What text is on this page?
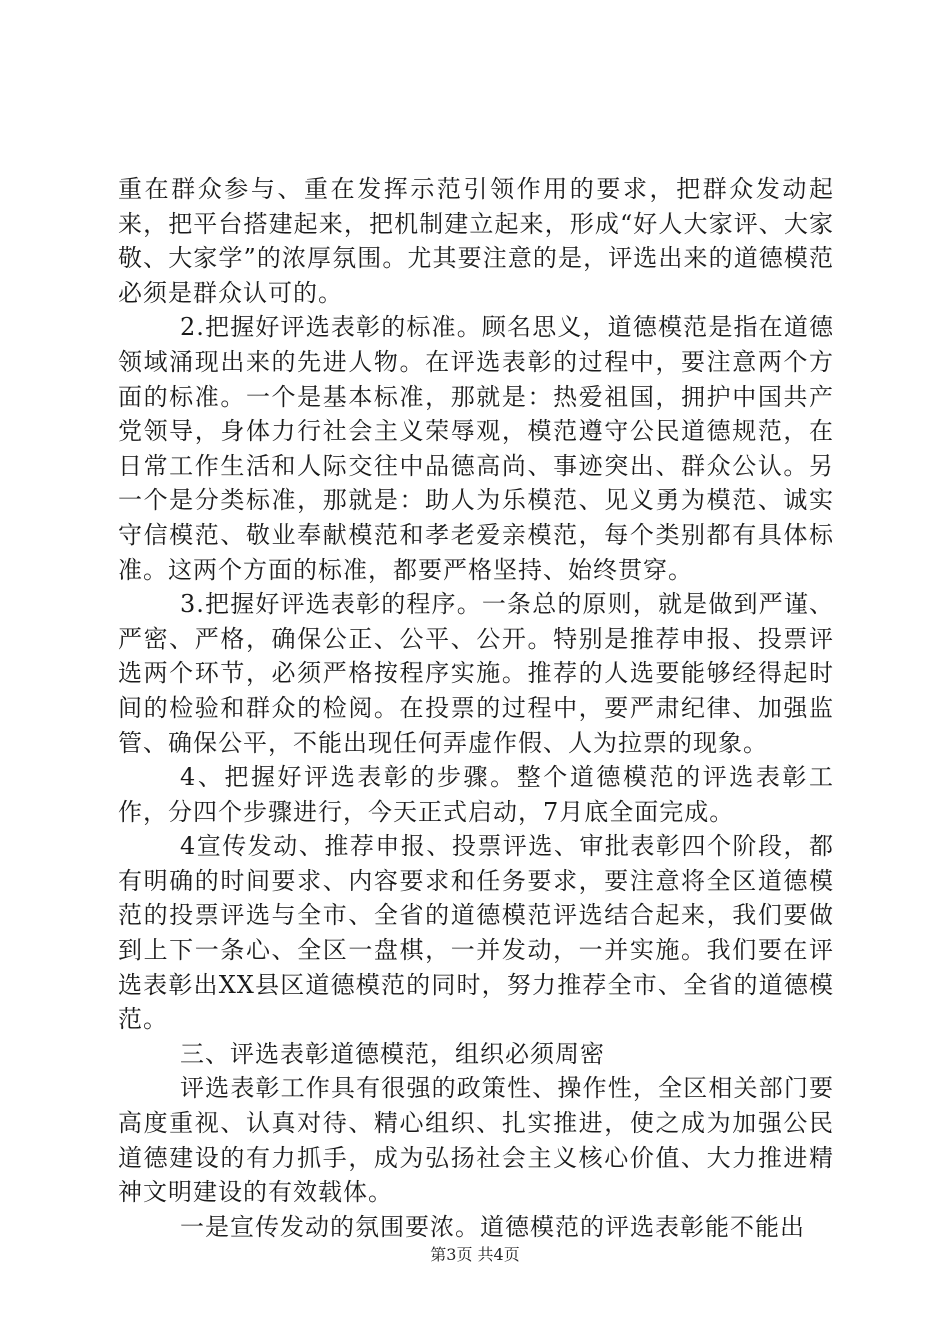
重在群众参与、重在发挥示范引领作用的要求，把群众发动起来，把平台搭建起来，把机制建立起来，形成“好人大家评、大家敬、大家学”的浓厚氛围。尤其要注意的是，评选出来的道德模范必须是群众认可的。

2.把握好评选表彰的标准。顾名思义，道德模范是指在道德领域涌现出来的先进人物。在评选表彰的过程中，要注意两个方面的标准。一个是基本标准，那就是：热爱祖国，拥护中国共产党领导，身体力行社会主义荣辱观，模范遵守公民道德规范，在日常工作生活和人际交往中品德高尚、事迹突出、群众公认。另一个是分类标准，那就是：助人为乐模范、见义勇为模范、诚实守信模范、敬业奉献模范和孝老爱亲模范，每个类别都有具体标准。这两个方面的标准，都要严格坚持、始终贯穿。

3.把握好评选表彰的程序。一条总的原则，就是做到严谨、严密、严格，确保公正、公平、公开。特别是推荐申报、投票评选两个环节，必须严格按程序实施。推荐的人选要能够经得起时间的检验和群众的检阅。在投票的过程中，要严肃纪律、加强监管、确保公平，不能出现任何弄虚作假、人为拉票的现象。

4、把握好评选表彰的步骤。整个道德模范的评选表彰工作，分四个步骤进行，今天正式启动，7月底全面完成。

4宣传发动、推荐申报、投票评选、审批表彰四个阶段，都有明确的时间要求、内容要求和任务要求，要注意将全区道德模范的投票评选与全市、全省的道德模范评选结合起来，我们要做到上下一条心、全区一盘棋，一并发动，一并实施。我们要在评选表彰出XX县区道德模范的同时，努力推荐全市、全省的道德模范。

三、评选表彰道德模范，组织必须周密

评选表彰工作具有很强的政策性、操作性，全区相关部门要高度重视、认真对待、精心组织、扎实推进，使之成为加强公民道德建设的有力抓手，成为弘扬社会主义核心价值、大力推进精神文明建设的有效载体。

一是宣传发动的氛围要浓。道德模范的评选表彰能不能出

第3页 共4页
